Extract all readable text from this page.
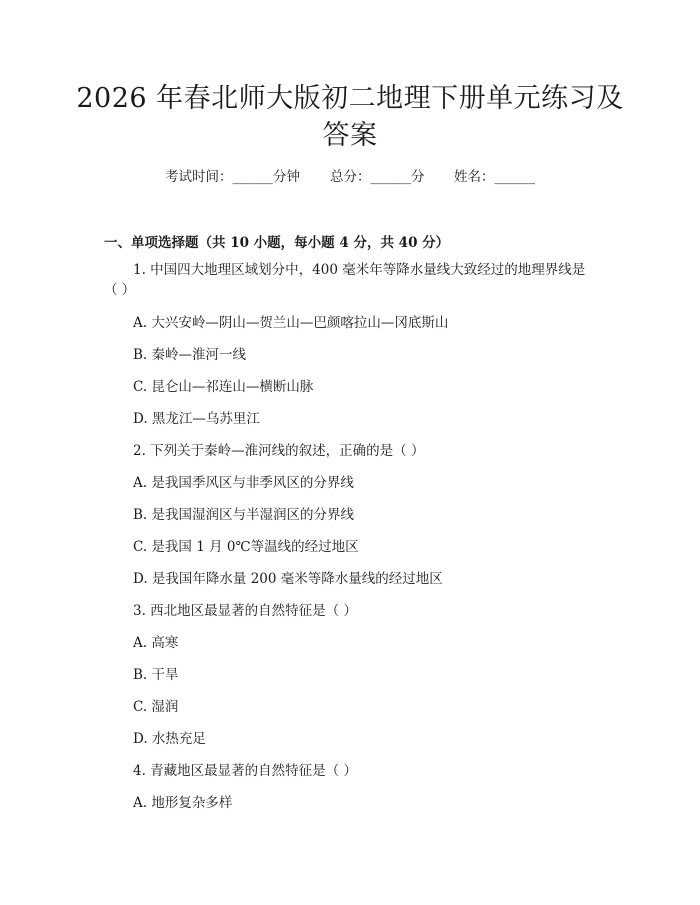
2026 年春北师大版初二地理下册单元练习及
答案
考试时间：______分钟 总分：______分 姓名：______
一、单项选择题（共 10 小题，每小题 4 分，共 40 分）
1. 中国四大地理区域划分中，400 毫米年等降水量线大致经过的地理界线是
（ ）
A. 大兴安岭—阴山—贺兰山—巴颜喀拉山—冈底斯山
B. 秦岭—淮河一线
C. 昆仑山—祁连山—横断山脉
D. 黑龙江—乌苏里江
2. 下列关于秦岭—淮河线的叙述，正确的是（ ）
A. 是我国季风区与非季风区的分界线
B. 是我国湿润区与半湿润区的分界线
C. 是我国 1 月 0℃等温线的经过地区
D. 是我国年降水量 200 毫米等降水量线的经过地区
3. 西北地区最显著的自然特征是（ ）
A. 高寒
B. 干旱
C. 湿润
D. 水热充足
4. 青藏地区最显著的自然特征是（ ）
A. 地形复杂多样
